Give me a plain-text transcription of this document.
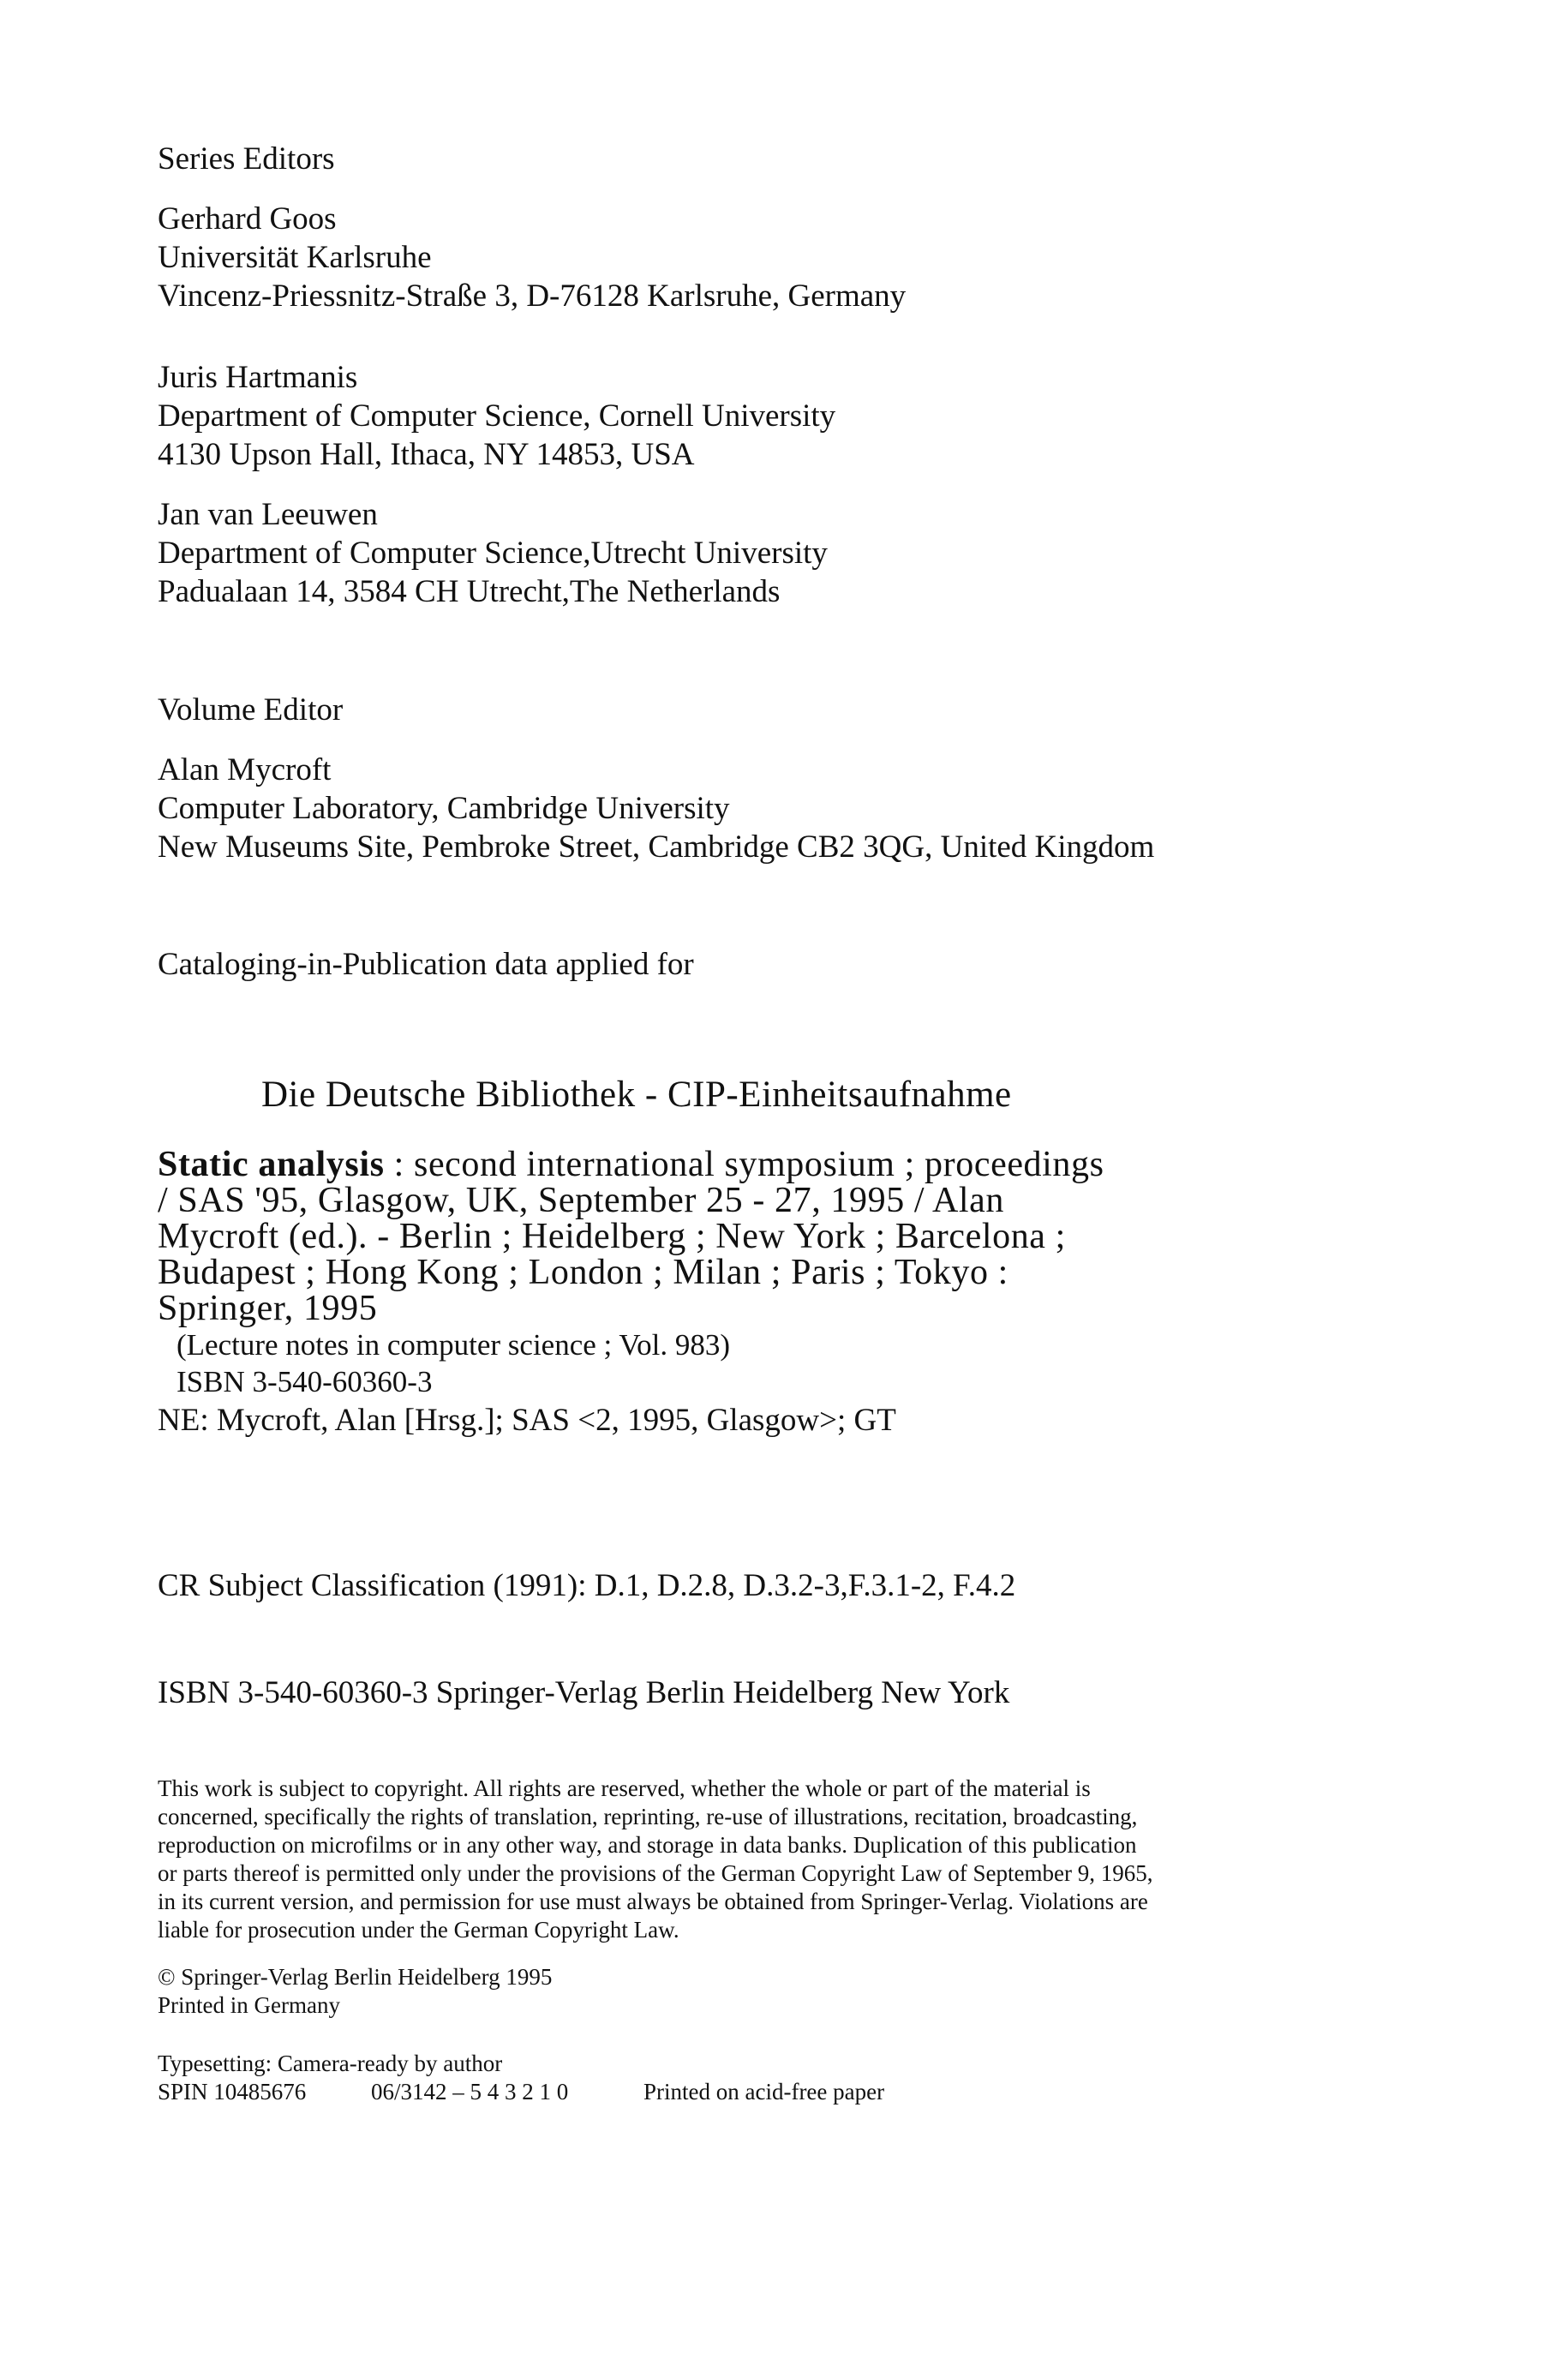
Series Editors
Gerhard Goos
Universität Karlsruhe
Vincenz-Priessnitz-Straße 3, D-76128 Karlsruhe, Germany
Juris Hartmanis
Department of Computer Science, Cornell University
4130 Upson Hall, Ithaca, NY 14853, USA
Jan van Leeuwen
Department of Computer Science,Utrecht University
Padualaan 14, 3584 CH Utrecht,The Netherlands
Volume Editor
Alan Mycroft
Computer Laboratory, Cambridge University
New Museums Site, Pembroke Street, Cambridge CB2 3QG, United Kingdom
Cataloging-in-Publication data applied for
Die Deutsche Bibliothek - CIP-Einheitsaufnahme
Static analysis : second international symposium ; proceedings
/ SAS '95, Glasgow, UK, September 25 - 27, 1995 / Alan
Mycroft (ed.). - Berlin ; Heidelberg ; New York ; Barcelona ;
Budapest ; Hong Kong ; London ; Milan ; Paris ; Tokyo :
Springer, 1995
(Lecture notes in computer science ; Vol. 983)
ISBN 3-540-60360-3
NE: Mycroft, Alan [Hrsg.]; SAS <2, 1995, Glasgow>; GT
CR Subject Classification (1991): D.1, D.2.8, D.3.2-3,F.3.1-2, F.4.2
ISBN 3-540-60360-3 Springer-Verlag Berlin Heidelberg New York
This work is subject to copyright. All rights are reserved, whether the whole or part of the material is
concerned, specifically the rights of translation, reprinting, re-use of illustrations, recitation, broadcasting,
reproduction on microfilms or in any other way, and storage in data banks. Duplication of this publication
or parts thereof is permitted only under the provisions of the German Copyright Law of September 9, 1965,
in its current version, and permission for use must always be obtained from Springer-Verlag. Violations are
liable for prosecution under the German Copyright Law.
© Springer-Verlag Berlin Heidelberg 1995
Printed in Germany
Typesetting: Camera-ready by author
SPIN 10485676	06/3142 – 5 4 3 2 1 0	Printed on acid-free paper
